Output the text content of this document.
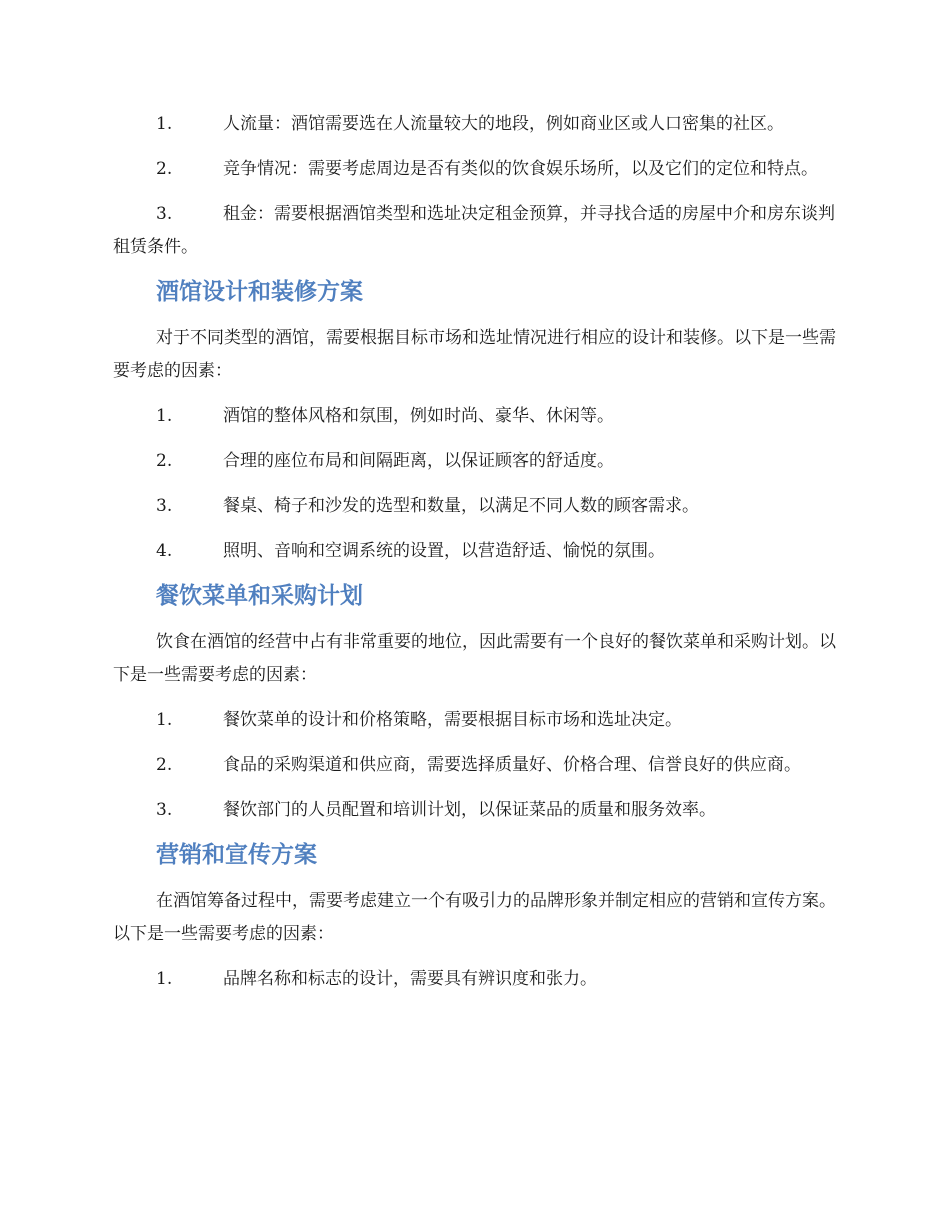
1.	人流量：酒馆需要选在人流量较大的地段，例如商业区或人口密集的社区。

2.	竞争情况：需要考虑周边是否有类似的饮食娱乐场所，以及它们的定位和特点。

3.	租金：需要根据酒馆类型和选址决定租金预算，并寻找合适的房屋中介和房东谈判租赁条件。

酒馆设计和装修方案

对于不同类型的酒馆，需要根据目标市场和选址情况进行相应的设计和装修。以下是一些需要考虑的因素：

1.	酒馆的整体风格和氛围，例如时尚、豪华、休闲等。

2.	合理的座位布局和间隔距离，以保证顾客的舒适度。

3.	餐桌、椅子和沙发的选型和数量，以满足不同人数的顾客需求。

4.	照明、音响和空调系统的设置，以营造舒适、愉悦的氛围。

餐饮菜单和采购计划

饮食在酒馆的经营中占有非常重要的地位，因此需要有一个良好的餐饮菜单和采购计划。以下是一些需要考虑的因素：

1.	餐饮菜单的设计和价格策略，需要根据目标市场和选址决定。

2.	食品的采购渠道和供应商，需要选择质量好、价格合理、信誉良好的供应商。

3.	餐饮部门的人员配置和培训计划，以保证菜品的质量和服务效率。

营销和宣传方案

在酒馆筹备过程中，需要考虑建立一个有吸引力的品牌形象并制定相应的营销和宣传方案。以下是一些需要考虑的因素：

1.	品牌名称和标志的设计，需要具有辨识度和张力。
